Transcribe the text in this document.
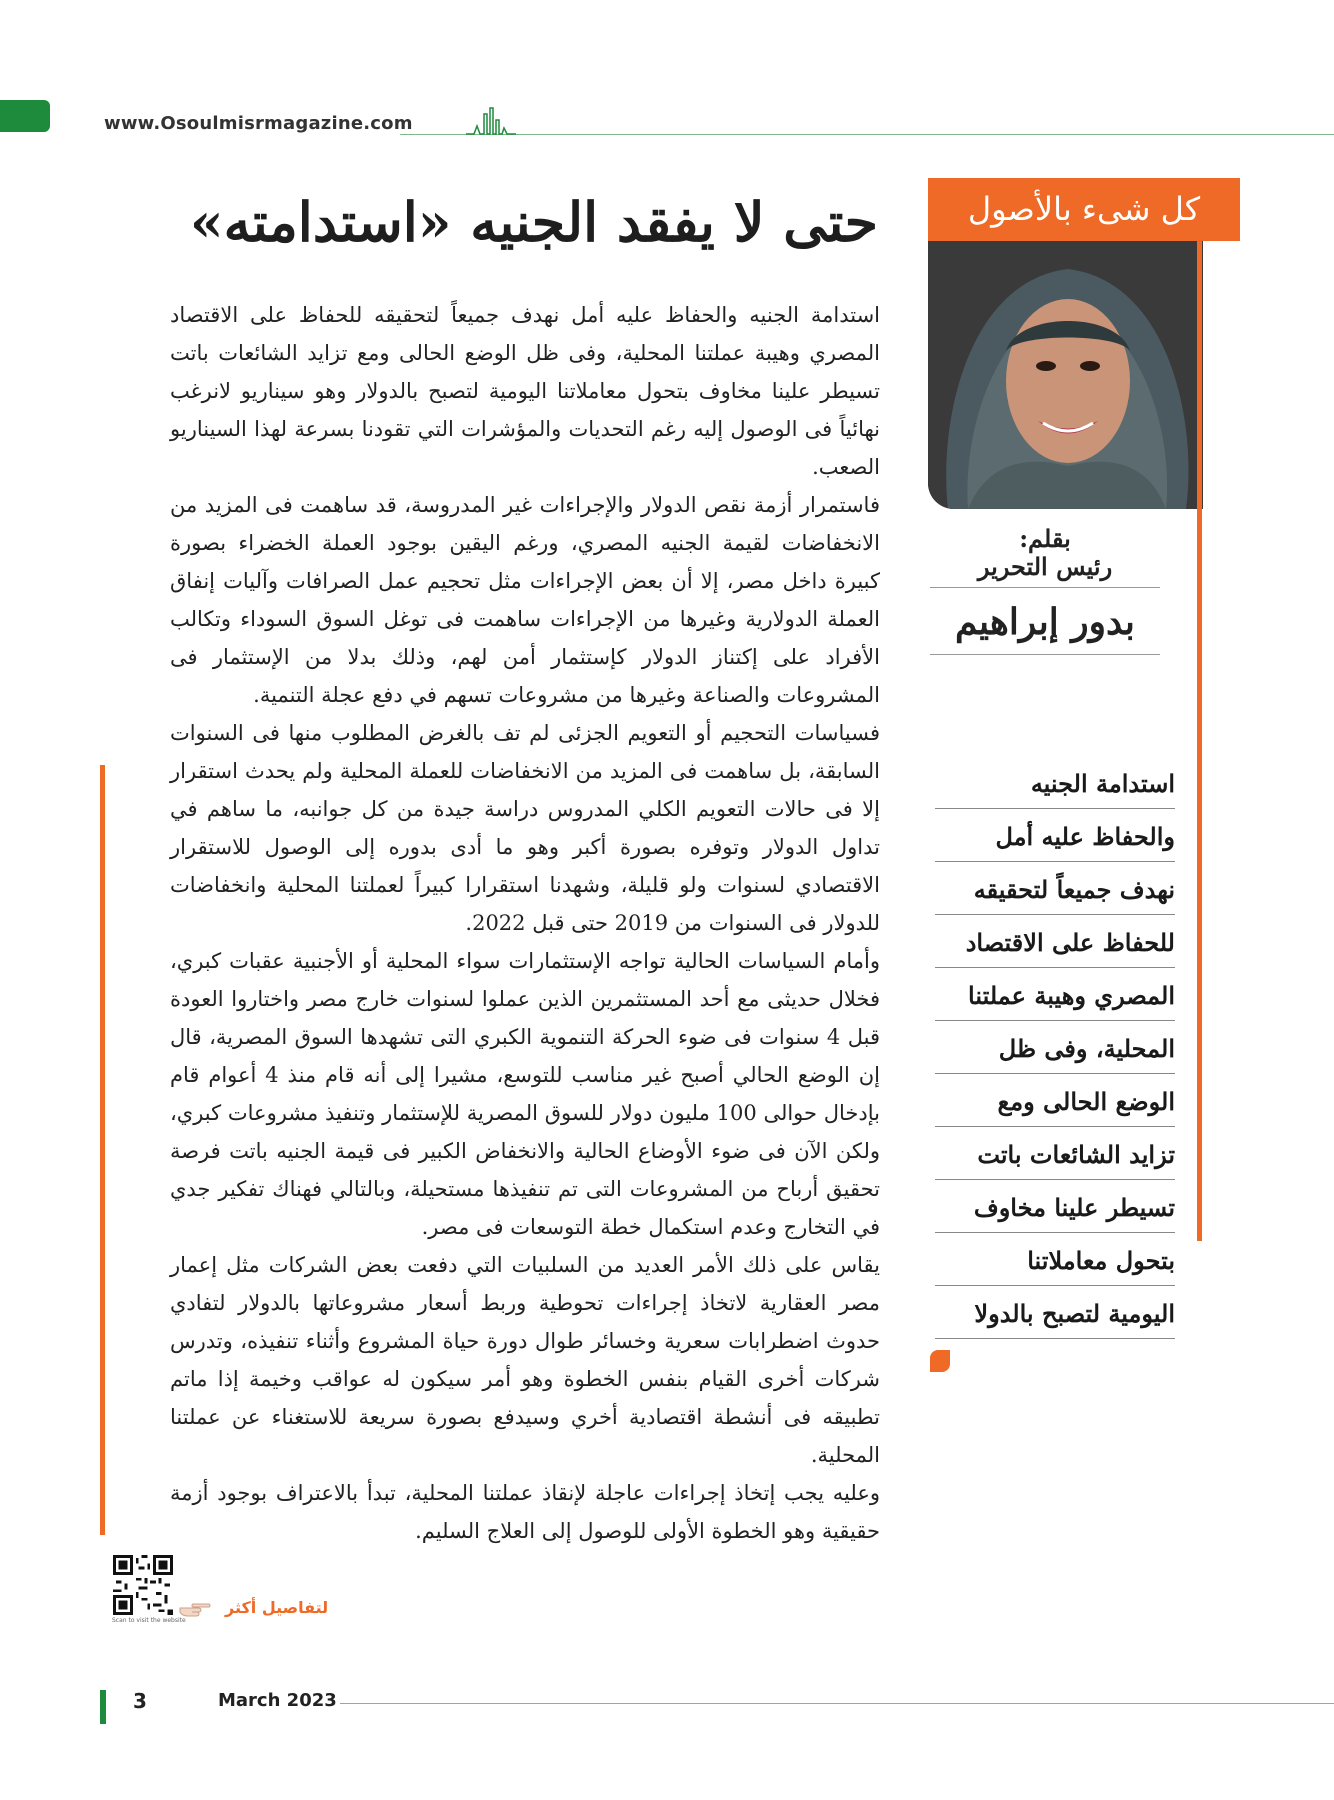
www.Osoulmisrmagazine.com
كل شىء بالأصول
بقلم:
رئيس التحرير
بدور إبراهيم
حتى لا يفقد الجنيه «استدامته»

استدامة الجنيه والحفاظ عليه أمل نهدف جميعاً لتحقيقه للحفاظ على الاقتصاد المصري وهيبة عملتنا المحلية، وفى ظل الوضع الحالى ومع تزايد الشائعات باتت تسيطر علينا مخاوف بتحول معاملاتنا اليومية لتصبح بالدولار وهو سيناريو لانرغب نهائياً فى الوصول إليه رغم التحديات والمؤشرات التي تقودنا بسرعة لهذا السيناريو الصعب.

فاستمرار أزمة نقص الدولار والإجراءات غير المدروسة، قد ساهمت فى المزيد من الانخفاضات لقيمة الجنيه المصري، ورغم اليقين بوجود العملة الخضراء بصورة كبيرة داخل مصر، إلا أن بعض الإجراءات مثل تحجيم عمل الصرافات وآليات إنفاق العملة الدولارية وغيرها من الإجراءات ساهمت فى توغل السوق السوداء وتكالب الأفراد على إكتناز الدولار كإستثمار أمن لهم، وذلك بدلا من الإستثمار فى المشروعات والصناعة وغيرها من مشروعات تسهم في دفع عجلة التنمية.

فسياسات التحجيم أو التعويم الجزئى لم تف بالغرض المطلوب منها فى السنوات السابقة، بل ساهمت فى المزيد من الانخفاضات للعملة المحلية ولم يحدث استقرار إلا فى حالات التعويم الكلي المدروس دراسة جيدة من كل جوانبه، ما ساهم في تداول الدولار وتوفره بصورة أكبر وهو ما أدى بدوره إلى الوصول للاستقرار الاقتصادي لسنوات ولو قليلة، وشهدنا استقرارا كبيراً لعملتنا المحلية وانخفاضات للدولار فى السنوات من 2019 حتى قبل 2022.

وأمام السياسات الحالية تواجه الإستثمارات سواء المحلية أو الأجنبية عقبات كبري، فخلال حديثى مع أحد المستثمرين الذين عملوا لسنوات خارج مصر واختاروا العودة قبل 4 سنوات فى ضوء الحركة التنموية الكبري التى تشهدها السوق المصرية، قال إن الوضع الحالي أصبح غير مناسب للتوسع، مشيرا إلى أنه قام منذ 4 أعوام قام بإدخال حوالى 100 مليون دولار للسوق المصرية للإستثمار وتنفيذ مشروعات كبري، ولكن الآن فى ضوء الأوضاع الحالية والانخفاض الكبير فى قيمة الجنيه باتت فرصة تحقيق أرباح من المشروعات التى تم تنفيذها مستحيلة، وبالتالي فهناك تفكير جدي في التخارج وعدم استكمال خطة التوسعات فى مصر.

يقاس على ذلك الأمر العديد من السلبيات التي دفعت بعض الشركات مثل إعمار مصر العقارية لاتخاذ إجراءات تحوطية وربط أسعار مشروعاتها بالدولار لتفادي حدوث اضطرابات سعرية وخسائر طوال دورة حياة المشروع وأثناء تنفيذه، وتدرس شركات أخرى القيام بنفس الخطوة وهو أمر سيكون له عواقب وخيمة إذا ماتم تطبيقه فى أنشطة اقتصادية أخري وسيدفع بصورة سريعة للاستغناء عن عملتنا المحلية.

وعليه يجب إتخاذ إجراءات عاجلة لإنقاذ عملتنا المحلية، تبدأ بالاعتراف بوجود أزمة حقيقية وهو الخطوة الأولى للوصول إلى العلاج السليم.

استدامة الجنيه
والحفاظ عليه أمل
نهدف جميعاً لتحقيقه
للحفاظ على الاقتصاد
المصري وهيبة عملتنا
المحلية، وفى ظل
الوضع الحالى ومع
تزايد الشائعات باتت
تسيطر علينا مخاوف
بتحول معاملاتنا
اليومية لتصبح بالدولا
Scan to visit the website
لتفاصيل أكثر
3	March 2023
